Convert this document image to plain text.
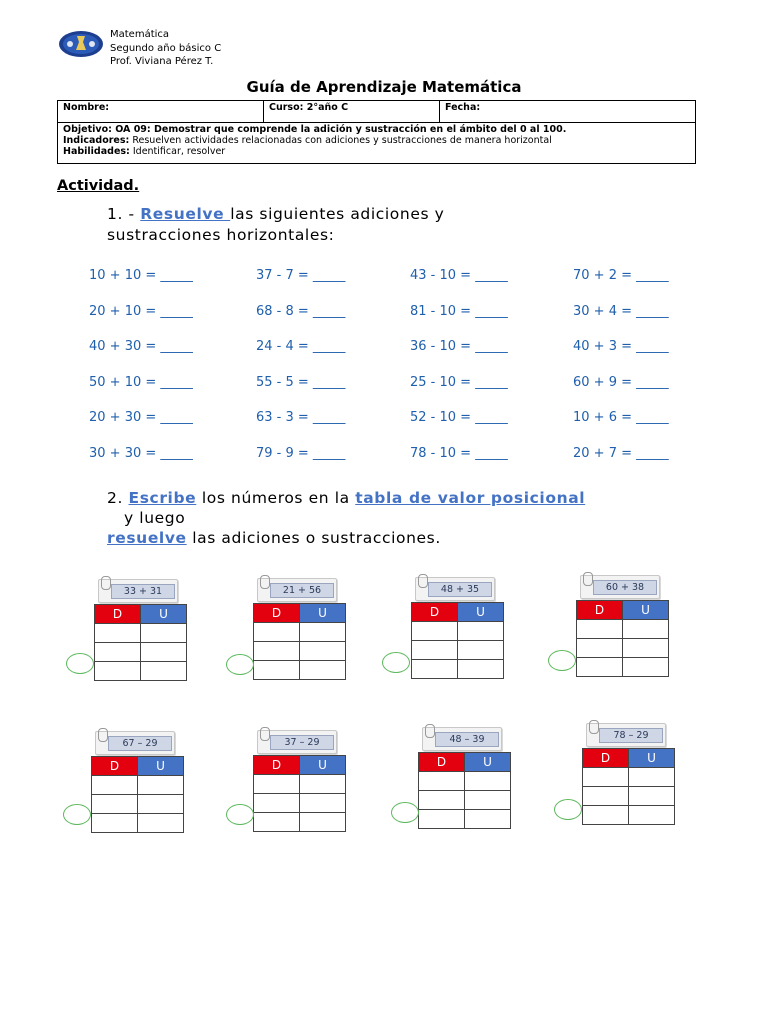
Matemática
Segundo año básico C
Prof. Viviana Pérez T.
Guía de Aprendizaje Matemática
Nombre:	Curso: 2°año C	Fecha:
Objetivo: OA 09: Demostrar que comprende la adición y sustracción en el ámbito del 0 al 100.
Indicadores: Resuelven actividades relacionadas con adiciones y sustracciones de manera horizontal
Habilidades: Identificar, resolver
Actividad.
1. - Resuelve las siguientes adiciones y
sustracciones horizontales:
10 + 10 = _____	37 - 7 = _____	43 - 10 = _____	70 + 2 = _____
20 + 10 = _____	68 - 8 = _____	81 - 10 = _____	30 + 4 = _____
40 + 30 = _____	24 - 4 = _____	36 - 10 = _____	40 + 3 = _____
50 + 10 = _____	55 - 5 = _____	25 - 10 = _____	60 + 9 = _____
20 + 30 = _____	63 - 3 = _____	52 - 10 = _____	10 + 6 = _____
30 + 30 = _____	79 - 9 = _____	78 - 10 = _____	20 + 7 = _____
2. Escribe los números en la tabla de valor posicional
y luego
resuelve las adiciones o sustracciones.
33 + 31
D	U

21 + 56
D	U

48 + 35
D	U

60 + 38
D	U

67 – 29
D	U

37 – 29
D	U

48 – 39
D	U

78 – 29
D	U
